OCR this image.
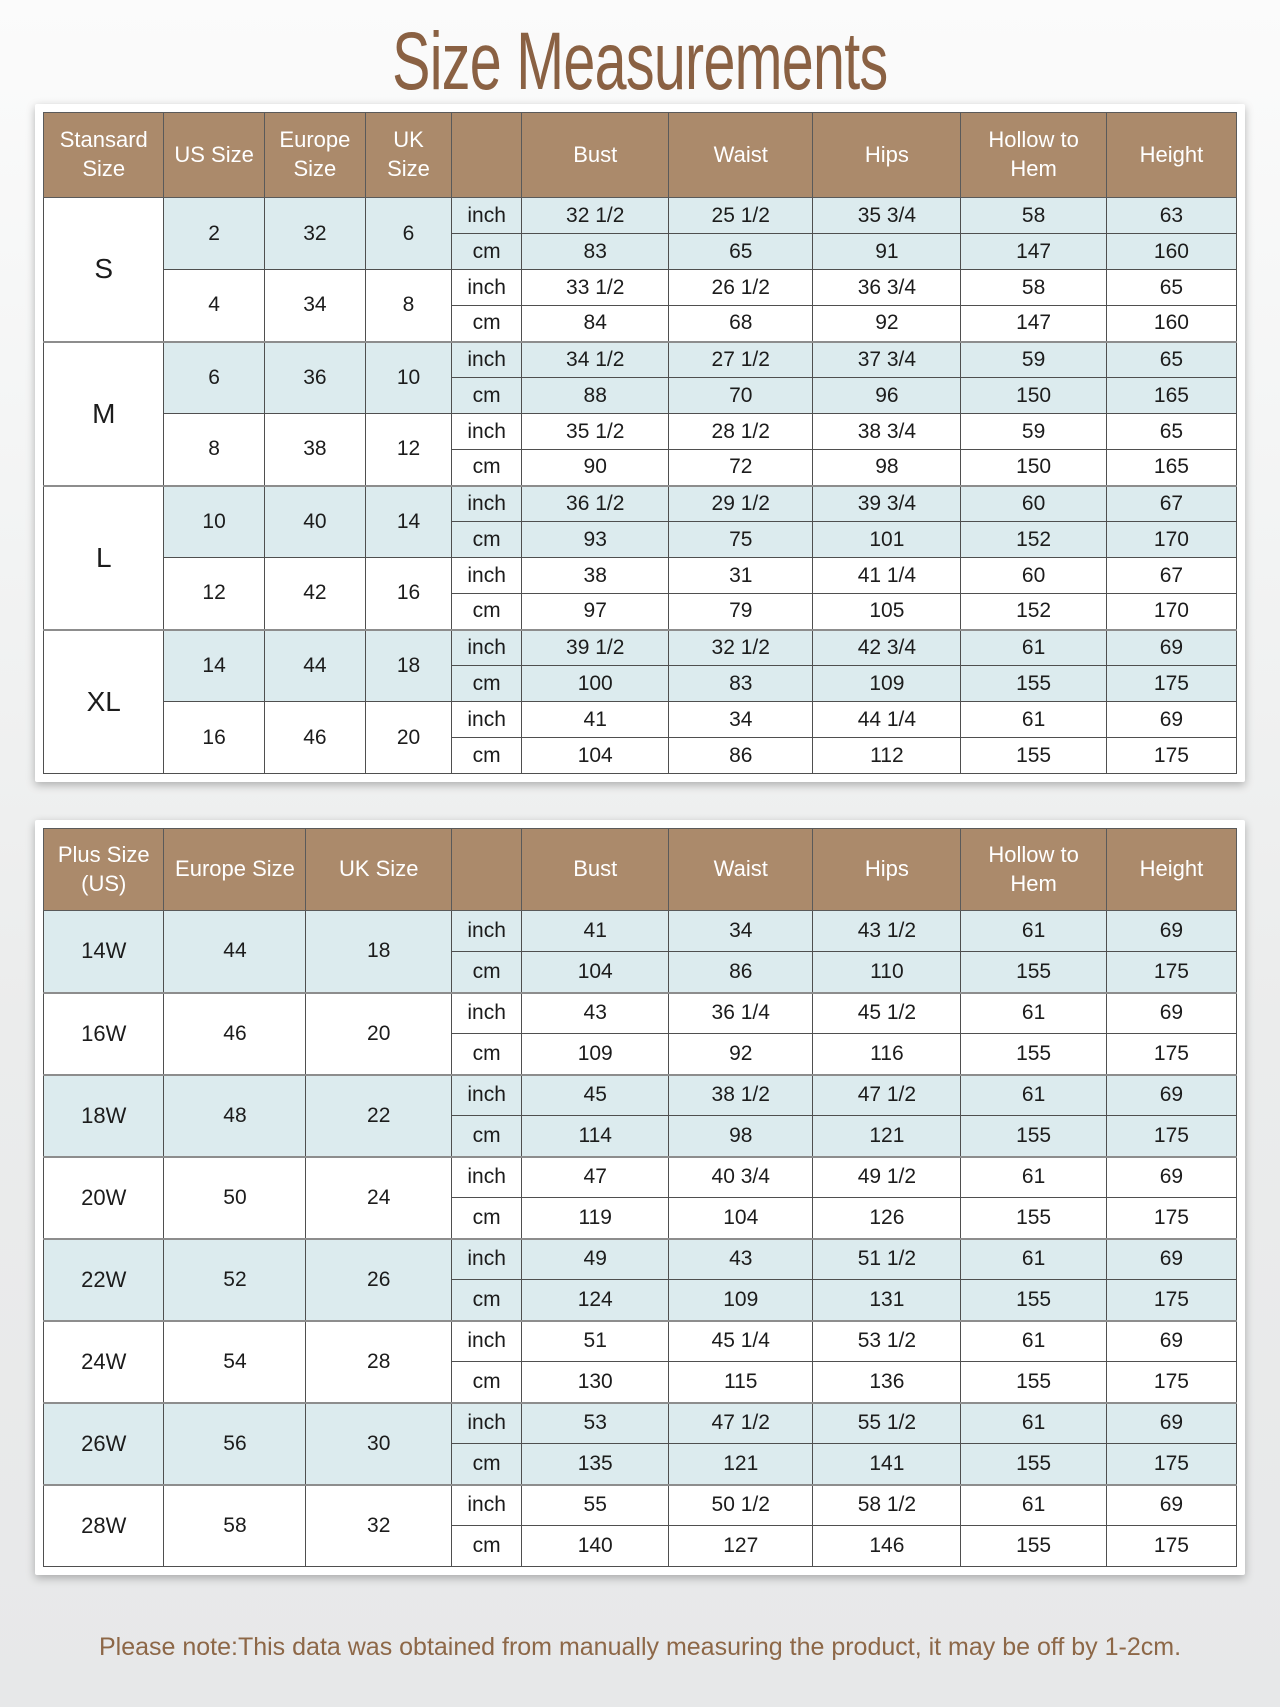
Size Measurements
Stansard Size	US Size	Europe Size	UK Size		Bust	Waist	Hips	Hollow to Hem	Height
S	2	32	6	inch	32 1/2	25 1/2	35 3/4	58	63
				cm	83	65	91	147	160
	4	34	8	inch	33 1/2	26 1/2	36 3/4	58	65
				cm	84	68	92	147	160
M	6	36	10	inch	34 1/2	27 1/2	37 3/4	59	65
				cm	88	70	96	150	165
	8	38	12	inch	35 1/2	28 1/2	38 3/4	59	65
				cm	90	72	98	150	165
L	10	40	14	inch	36 1/2	29 1/2	39 3/4	60	67
				cm	93	75	101	152	170
	12	42	16	inch	38	31	41 1/4	60	67
				cm	97	79	105	152	170
XL	14	44	18	inch	39 1/2	32 1/2	42 3/4	61	69
				cm	100	83	109	155	175
	16	46	20	inch	41	34	44 1/4	61	69
				cm	104	86	112	155	175
Plus Size (US)	Europe Size	UK Size		Bust	Waist	Hips	Hollow to Hem	Height
14W	44	18	inch	41	34	43 1/2	61	69
			cm	104	86	110	155	175
16W	46	20	inch	43	36 1/4	45 1/2	61	69
			cm	109	92	116	155	175
18W	48	22	inch	45	38 1/2	47 1/2	61	69
			cm	114	98	121	155	175
20W	50	24	inch	47	40 3/4	49 1/2	61	69
			cm	119	104	126	155	175
22W	52	26	inch	49	43	51 1/2	61	69
			cm	124	109	131	155	175
24W	54	28	inch	51	45 1/4	53 1/2	61	69
			cm	130	115	136	155	175
26W	56	30	inch	53	47 1/2	55 1/2	61	69
			cm	135	121	141	155	175
28W	58	32	inch	55	50 1/2	58 1/2	61	69
			cm	140	127	146	155	175
Please note:This data was obtained from manually measuring the product, it may be off by 1-2cm.
